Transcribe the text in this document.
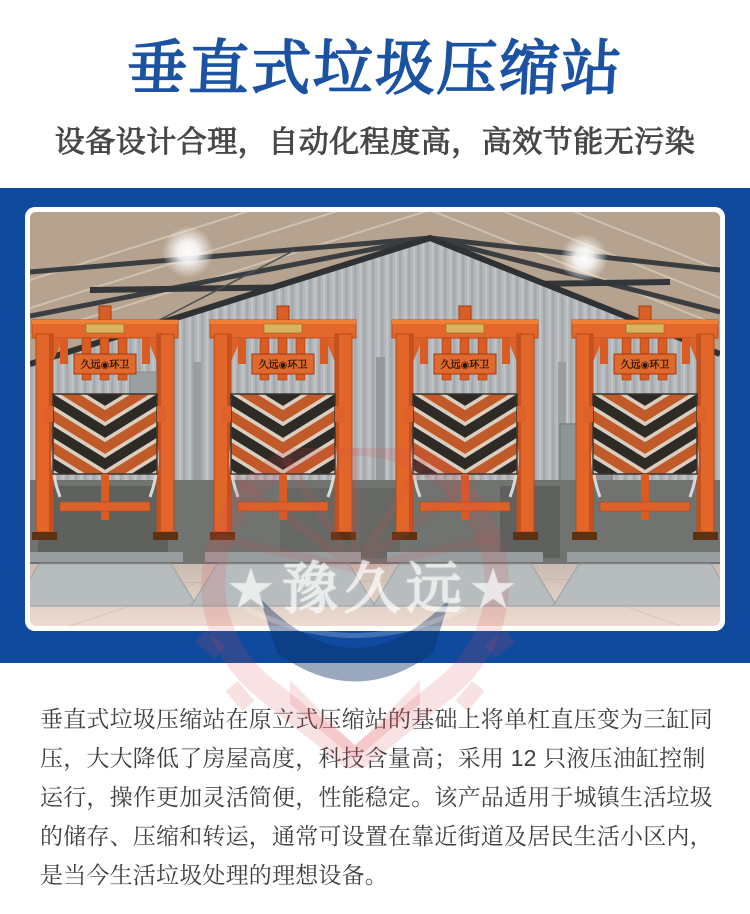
垂直式垃圾压缩站
设备设计合理，自动化程度高，高效节能无污染
★豫久远★
垂直式垃圾压缩站在原立式压缩站的基础上将单杠直压变为三缸同
压，大大降低了房屋高度，科技含量高；采用 12 只液压油缸控制
运行，操作更加灵活简便，性能稳定。该产品适用于城镇生活垃圾
的储存、压缩和转运，通常可设置在靠近街道及居民生活小区内，
是当今生活垃圾处理的理想设备。
